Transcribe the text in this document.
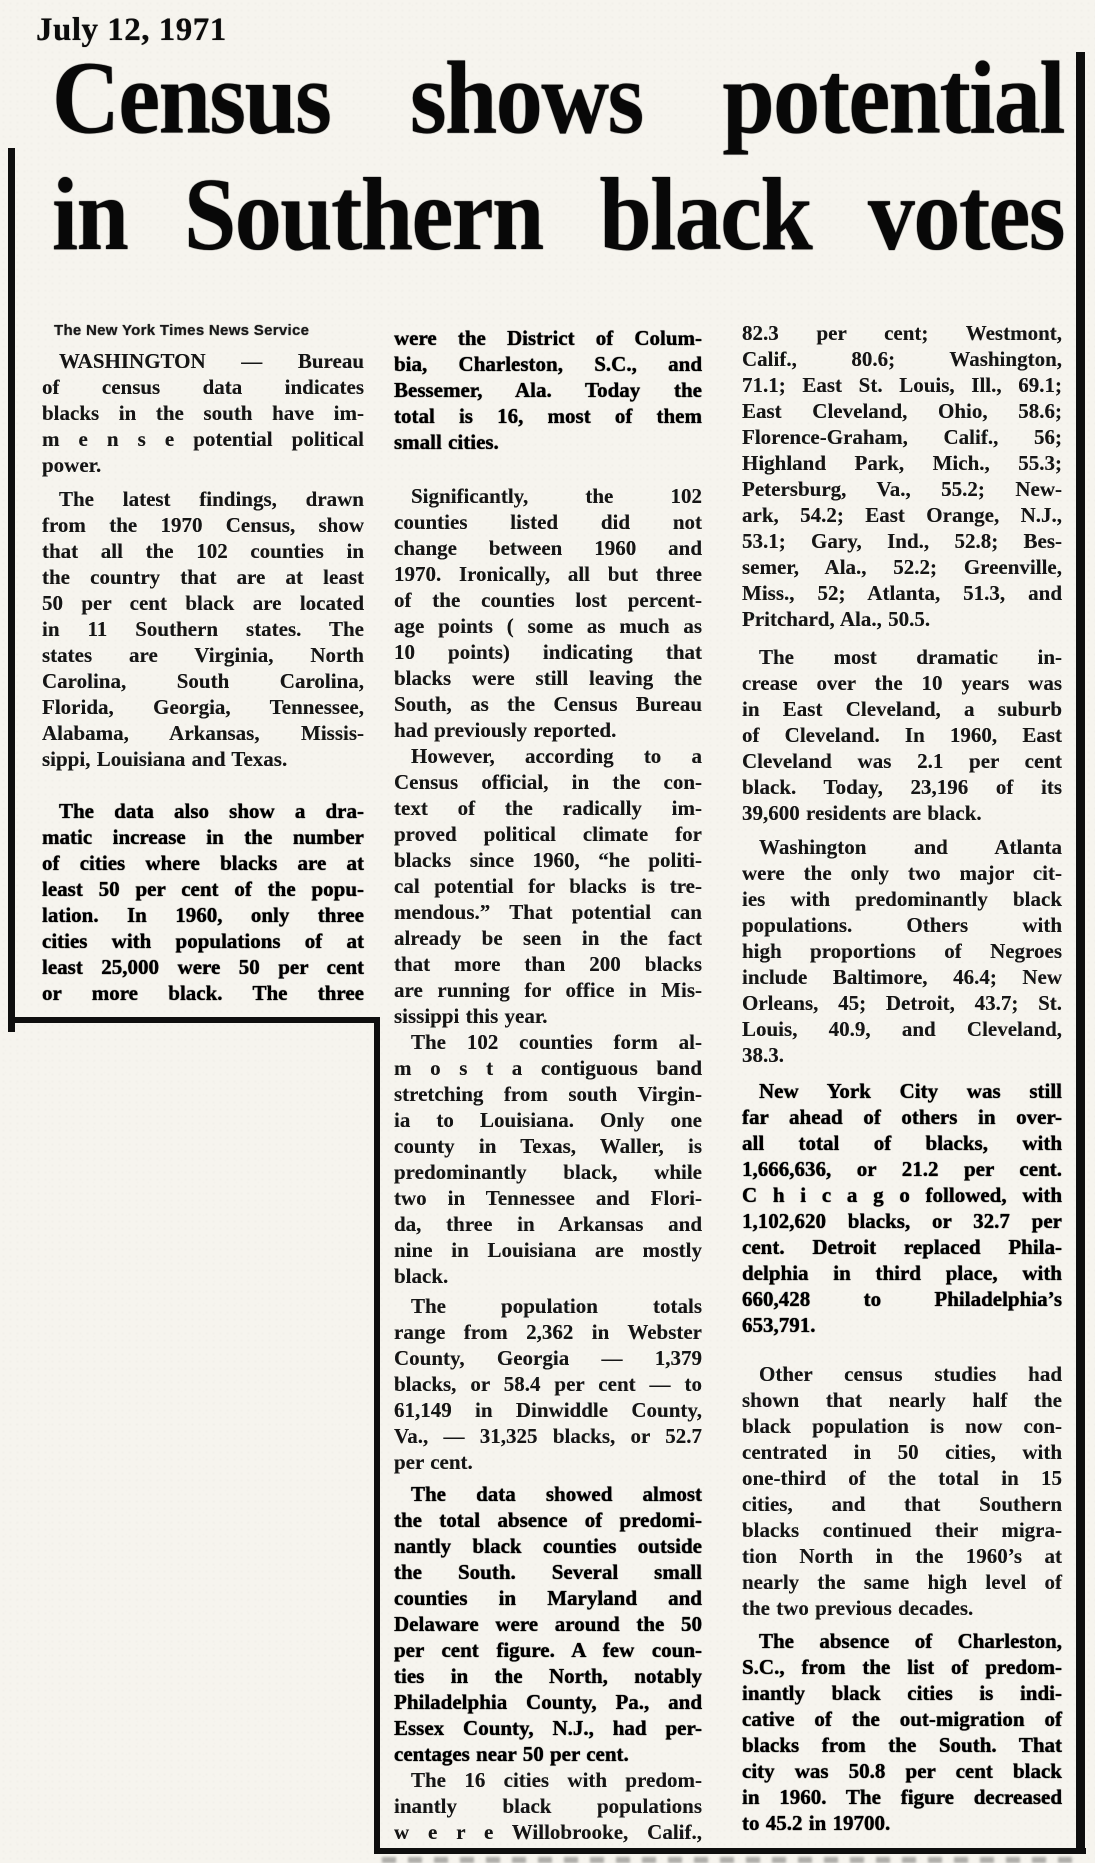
July 12, 1971
Census shows potential
in Southern black votes
The New York Times News Service
WASHINGTON — Bureau
of census data indicates
blacks in the south have im-
m e n s e potential political
power.
The latest findings, drawn
from the 1970 Census, show
that all the 102 counties in
the country that are at least
50 per cent black are located
in 11 Southern states. The
states are Virginia, North
Carolina, South Carolina,
Florida, Georgia, Tennessee,
Alabama, Arkansas, Missis-
sippi, Louisiana and Texas.
The data also show a dra-
matic increase in the number
of cities where blacks are at
least 50 per cent of the popu-
lation. In 1960, only three
cities with populations of at
least 25,000 were 50 per cent
or more black. The three
were the District of Colum-
bia, Charleston, S.C., and
Bessemer, Ala. Today the
total is 16, most of them
small cities.
Significantly, the 102
counties listed did not
change between 1960 and
1970. Ironically, all but three
of the counties lost percent-
age points ( some as much as
10 points) indicating that
blacks were still leaving the
South, as the Census Bureau
had previously reported.
However, according to a
Census official, in the con-
text of the radically im-
proved political climate for
blacks since 1960, “he politi-
cal potential for blacks is tre-
mendous.” That potential can
already be seen in the fact
that more than 200 blacks
are running for office in Mis-
sissippi this year.
The 102 counties form al-
m o s t a contiguous band
stretching from south Virgin-
ia to Louisiana. Only one
county in Texas, Waller, is
predominantly black, while
two in Tennessee and Flori-
da, three in Arkansas and
nine in Louisiana are mostly
black.
The population totals
range from 2,362 in Webster
County, Georgia — 1,379
blacks, or 58.4 per cent — to
61,149 in Dinwiddle County,
Va., — 31,325 blacks, or 52.7
per cent.
The data showed almost
the total absence of predomi-
nantly black counties outside
the South. Several small
counties in Maryland and
Delaware were around the 50
per cent figure. A few coun-
ties in the North, notably
Philadelphia County, Pa., and
Essex County, N.J., had per-
centages near 50 per cent.
The 16 cities with predom-
inantly black populations
w e r e Willobrooke, Calif.,
82.3 per cent; Westmont,
Calif., 80.6; Washington,
71.1; East St. Louis, Ill., 69.1;
East Cleveland, Ohio, 58.6;
Florence-Graham, Calif., 56;
Highland Park, Mich., 55.3;
Petersburg, Va., 55.2; New-
ark, 54.2; East Orange, N.J.,
53.1; Gary, Ind., 52.8; Bes-
semer, Ala., 52.2; Greenville,
Miss., 52; Atlanta, 51.3, and
Pritchard, Ala., 50.5.
The most dramatic in-
crease over the 10 years was
in East Cleveland, a suburb
of Cleveland. In 1960, East
Cleveland was 2.1 per cent
black. Today, 23,196 of its
39,600 residents are black.
Washington and Atlanta
were the only two major cit-
ies with predominantly black
populations. Others with
high proportions of Negroes
include Baltimore, 46.4; New
Orleans, 45; Detroit, 43.7; St.
Louis, 40.9, and Cleveland,
38.3.
New York City was still
far ahead of others in over-
all total of blacks, with
1,666,636, or 21.2 per cent.
C h i c a g o followed, with
1,102,620 blacks, or 32.7 per
cent. Detroit replaced Phila-
delphia in third place, with
660,428 to Philadelphia’s
653,791.
Other census studies had
shown that nearly half the
black population is now con-
centrated in 50 cities, with
one-third of the total in 15
cities, and that Southern
blacks continued their migra-
tion North in the 1960’s at
nearly the same high level of
the two previous decades.
The absence of Charleston,
S.C., from the list of predom-
inantly black cities is indi-
cative of the out-migration of
blacks from the South. That
city was 50.8 per cent black
in 1960. The figure decreased
to 45.2 in 19700.
